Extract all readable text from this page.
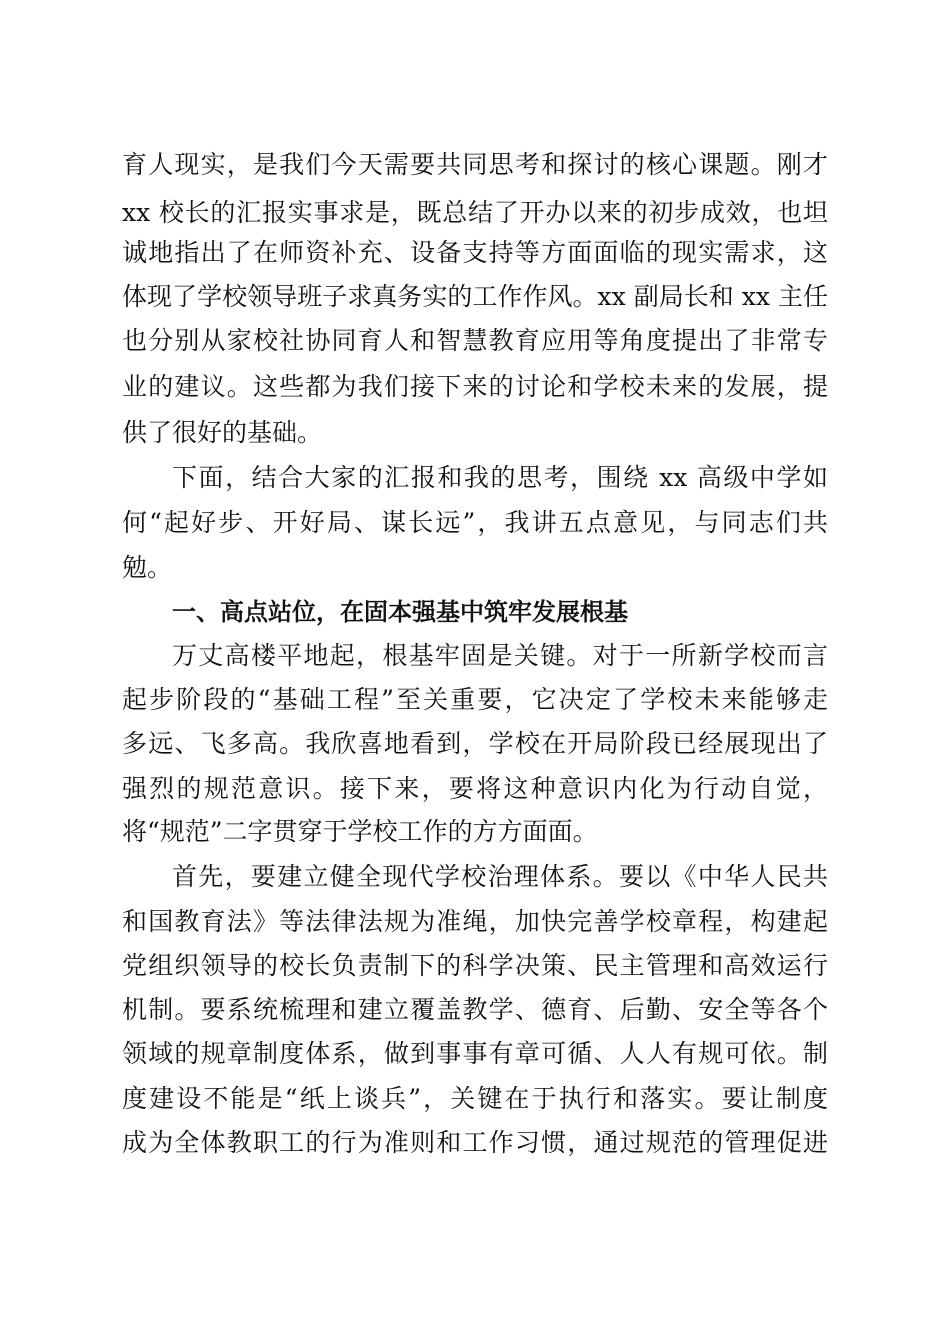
育人现实，是我们今天需要共同思考和探讨的核心课题。刚才
xx 校长的汇报实事求是，既总结了开办以来的初步成效，也坦
诚地指出了在师资补充、设备支持等方面面临的现实需求，这
体现了学校领导班子求真务实的工作作风。xx 副局长和 xx 主任
也分别从家校社协同育人和智慧教育应用等角度提出了非常专
业的建议。这些都为我们接下来的讨论和学校未来的发展，提
供了很好的基础。
下面，结合大家的汇报和我的思考，围绕 xx 高级中学如
何“起好步、开好局、谋长远”，我讲五点意见，与同志们共
勉。
一、高点站位，在固本强基中筑牢发展根基
万丈高楼平地起，根基牢固是关键。对于一所新学校而言
起步阶段的“基础工程”至关重要，它决定了学校未来能够走
多远、飞多高。我欣喜地看到，学校在开局阶段已经展现出了
强烈的规范意识。接下来，要将这种意识内化为行动自觉，
将“规范”二字贯穿于学校工作的方方面面。
首先，要建立健全现代学校治理体系。要以《中华人民共
和国教育法》等法律法规为准绳，加快完善学校章程，构建起
党组织领导的校长负责制下的科学决策、民主管理和高效运行
机制。要系统梳理和建立覆盖教学、德育、后勤、安全等各个
领域的规章制度体系，做到事事有章可循、人人有规可依。制
度建设不能是“纸上谈兵”，关键在于执行和落实。要让制度
成为全体教职工的行为准则和工作习惯，通过规范的管理促进
